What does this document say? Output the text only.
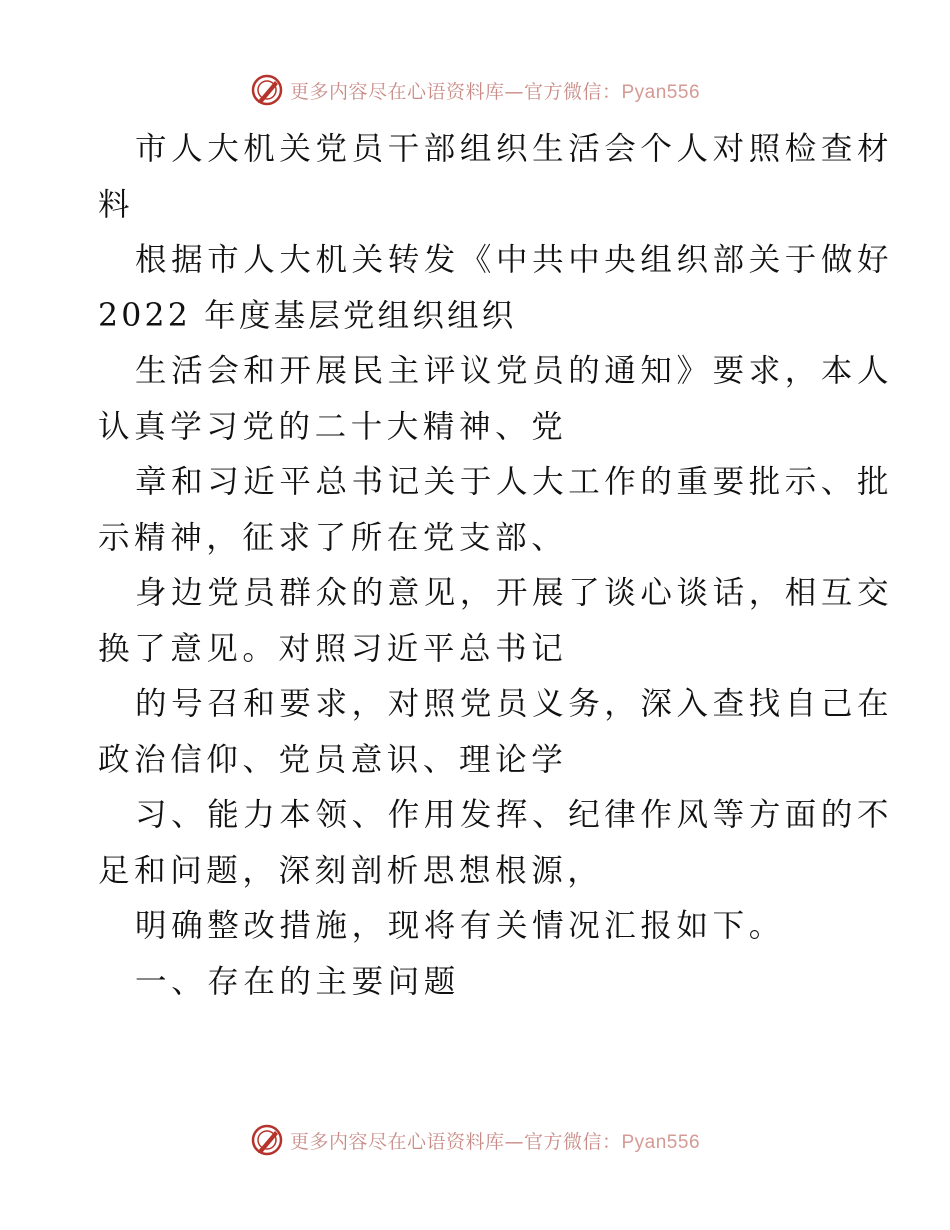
更多内容尽在心语资料库—官方微信：Pyan556
市人大机关党员干部组织生活会个人对照检查材
料
根据市人大机关转发《中共中央组织部关于做好
2022 年度基层党组织组织
生活会和开展民主评议党员的通知》要求，本人
认真学习党的二十大精神、党
章和习近平总书记关于人大工作的重要批示、批
示精神，征求了所在党支部、
身边党员群众的意见，开展了谈心谈话，相互交
换了意见。对照习近平总书记
的号召和要求，对照党员义务，深入查找自己在
政治信仰、党员意识、理论学
习、能力本领、作用发挥、纪律作风等方面的不
足和问题，深刻剖析思想根源，
明确整改措施，现将有关情况汇报如下。
一、存在的主要问题
更多内容尽在心语资料库—官方微信：Pyan556
